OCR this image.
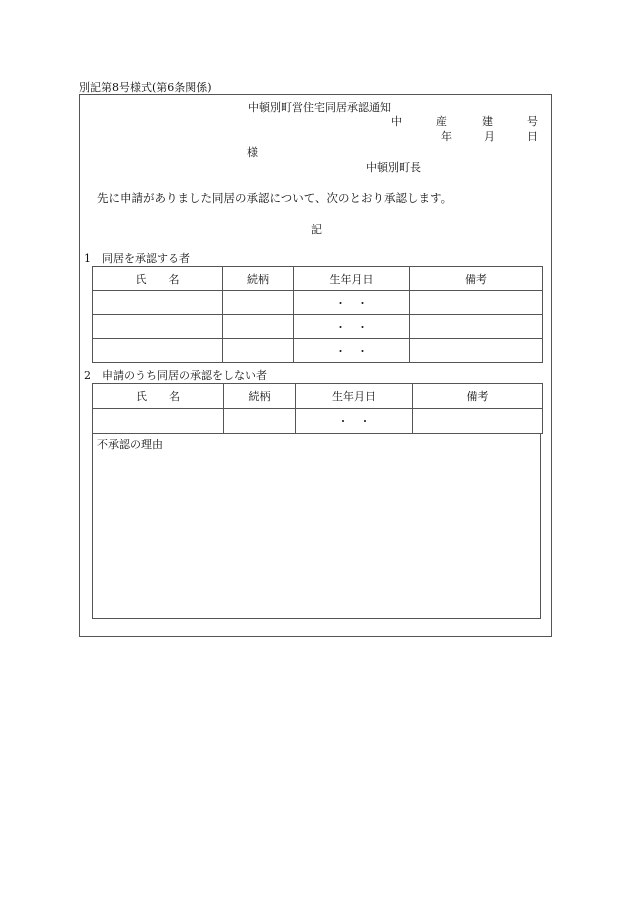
別記第8号様式(第6条関係)
中頓別町営住宅同居承認通知
中	産	建	号
年	月	日
様
中頓別町長
先に申請がありました同居の承認について、次のとおり承認します。
記
1　同居を承認する者
氏　　名	続柄	生年月日	備考
		・　・	
		・　・	
		・　・	
2　申請のうち同居の承認をしない者
氏　　名	続柄	生年月日	備考
		・　・	
不承認の理由
